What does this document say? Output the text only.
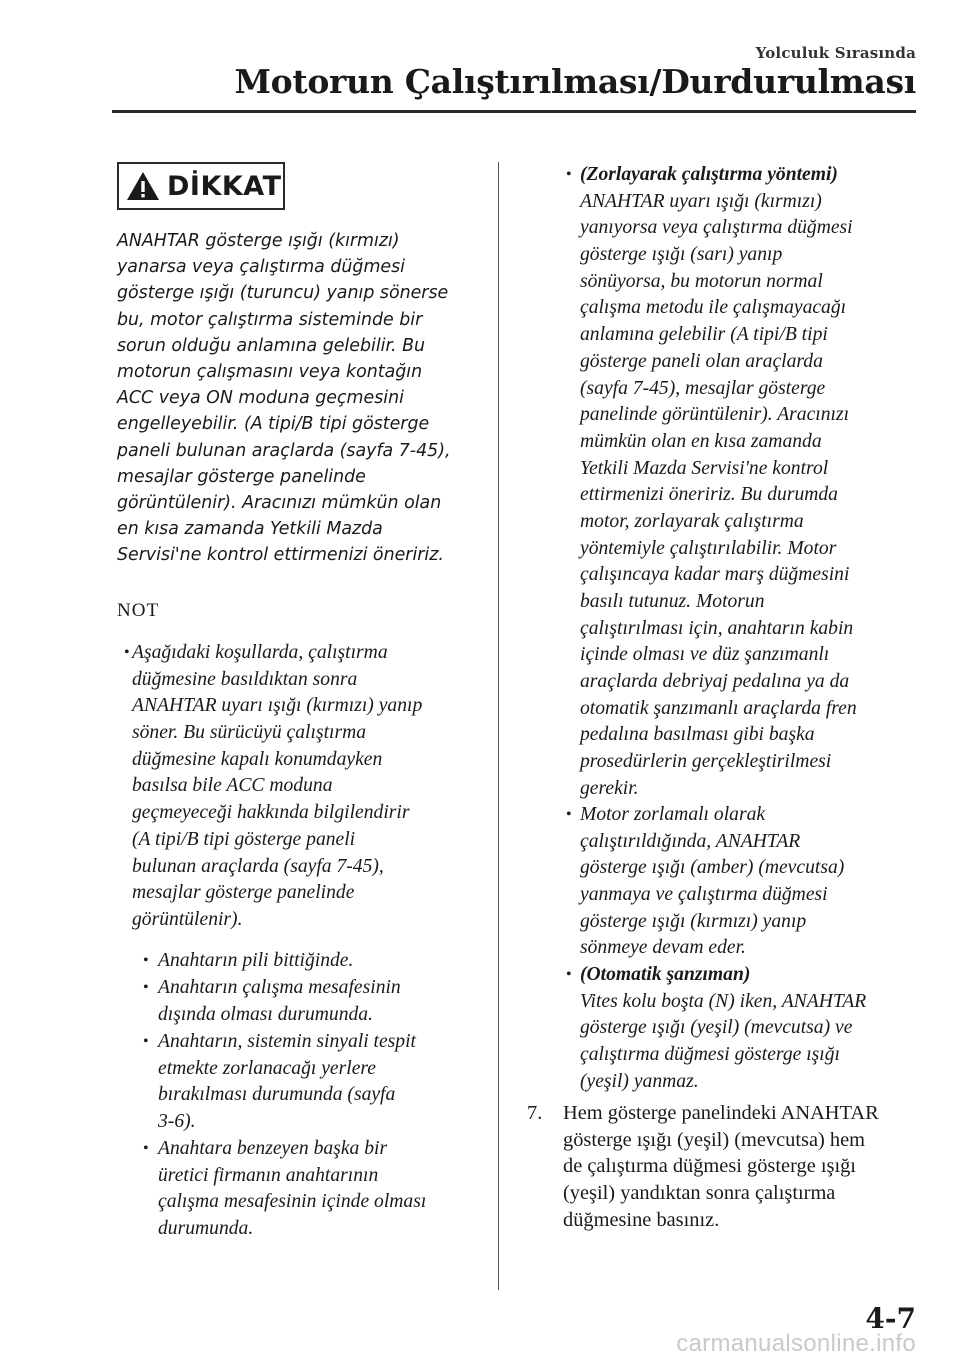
Yolculuk Sırasında
Motorun Çalıştırılması/Durdurulması
DİKKAT
ANAHTAR gösterge ışığı (kırmızı)
yanarsa veya çalıştırma düğmesi
gösterge ışığı (turuncu) yanıp sönerse
bu, motor çalıştırma sisteminde bir
sorun olduğu anlamına gelebilir. Bu
motorun çalışmasını veya kontağın
ACC veya ON moduna geçmesini
engelleyebilir. (A tipi/B tipi gösterge
paneli bulunan araçlarda (sayfa 7-45),
mesajlar gösterge panelinde
görüntülenir). Aracınızı mümkün olan
en kısa zamanda Yetkili Mazda
Servisi'ne kontrol ettirmenizi öneririz.
NOT
• Aşağıdaki koşullarda, çalıştırma
düğmesine basıldıktan sonra
ANAHTAR uyarı ışığı (kırmızı) yanıp
söner. Bu sürücüyü çalıştırma
düğmesine kapalı konumdayken
basılsa bile ACC moduna
geçmeyeceği hakkında bilgilendirir
(A tipi/B tipi gösterge paneli
bulunan araçlarda (sayfa 7-45),
mesajlar gösterge panelinde
görüntülenir).
• Anahtarın pili bittiğinde.
• Anahtarın çalışma mesafesinin
dışında olması durumunda.
• Anahtarın, sistemin sinyali tespit
etmekte zorlanacağı yerlere
bırakılması durumunda (sayfa
3-6).
• Anahtara benzeyen başka bir
üretici firmanın anahtarının
çalışma mesafesinin içinde olması
durumunda.
• (Zorlayarak çalıştırma yöntemi)
ANAHTAR uyarı ışığı (kırmızı)
yanıyorsa veya çalıştırma düğmesi
gösterge ışığı (sarı) yanıp
sönüyorsa, bu motorun normal
çalışma metodu ile çalışmayacağı
anlamına gelebilir (A tipi/B tipi
gösterge paneli olan araçlarda
(sayfa 7-45), mesajlar gösterge
panelinde görüntülenir). Aracınızı
mümkün olan en kısa zamanda
Yetkili Mazda Servisi'ne kontrol
ettirmenizi öneririz. Bu durumda
motor, zorlayarak çalıştırma
yöntemiyle çalıştırılabilir. Motor
çalışıncaya kadar marş düğmesini
basılı tutunuz. Motorun
çalıştırılması için, anahtarın kabin
içinde olması ve düz şanzımanlı
araçlarda debriyaj pedalına ya da
otomatik şanzımanlı araçlarda fren
pedalına basılması gibi başka
prosedürlerin gerçekleştirilmesi
gerekir.
• Motor zorlamalı olarak
çalıştırıldığında, ANAHTAR
gösterge ışığı (amber) (mevcutsa)
yanmaya ve çalıştırma düğmesi
gösterge ışığı (kırmızı) yanıp
sönmeye devam eder.
• (Otomatik şanzıman)
Vites kolu boşta (N) iken, ANAHTAR
gösterge ışığı (yeşil) (mevcutsa) ve
çalıştırma düğmesi gösterge ışığı
(yeşil) yanmaz.
7. Hem gösterge panelindeki ANAHTAR
gösterge ışığı (yeşil) (mevcutsa) hem
de çalıştırma düğmesi gösterge ışığı
(yeşil) yandıktan sonra çalıştırma
düğmesine basınız.
4-7
carmanualsonline.info
